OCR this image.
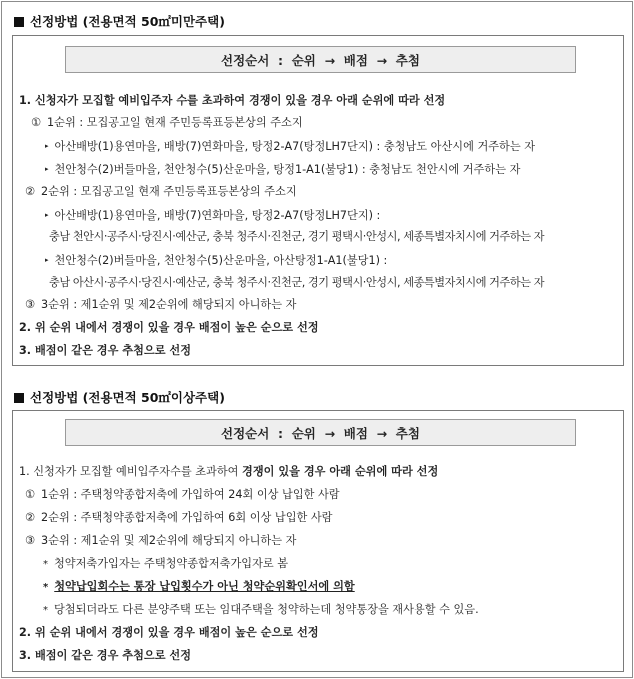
선정방법 (전용면적 50㎡미만주택)
선정순서  :  순위  →  배점  →  추첨
1. 신청자가 모집할 예비입주자 수를 초과하여 경쟁이 있을 경우 아래 순위에 따라 선정
① 1순위 : 모집공고일 현재 주민등록표등본상의 주소지
▸ 아산배방(1)용연마을, 배방(7)연화마을, 탕정2-A7(탕정LH7단지) : 충청남도 아산시에 거주하는 자
▸ 천안청수(2)버들마을, 천안청수(5)산운마을, 탕정1-A1(불당1) : 충청남도 천안시에 거주하는 자
② 2순위 : 모집공고일 현재 주민등록표등본상의 주소지
▸ 아산배방(1)용연마을, 배방(7)연화마을, 탕정2-A7(탕정LH7단지) :
충남 천안시·공주시·당진시·예산군, 충북 청주시·진천군, 경기 평택시·안성시, 세종특별자치시에 거주하는 자
▸ 천안청수(2)버들마을, 천안청수(5)산운마을, 아산탕정1-A1(불당1) :
충남 아산시·공주시·당진시·예산군, 충북 청주시·진천군, 경기 평택시·안성시, 세종특별자치시에 거주하는 자
③ 3순위 : 제1순위 및 제2순위에 해당되지 아니하는 자
2. 위 순위 내에서 경쟁이 있을 경우 배점이 높은 순으로 선정
3. 배점이 같은 경우 추첨으로 선정
선정방법 (전용면적 50㎡이상주택)
선정순서  :  순위  →  배점  →  추첨
1. 신청자가 모집할 예비입주자수를 초과하여 경쟁이 있을 경우 아래 순위에 따라 선정
① 1순위 : 주택청약종합저축에 가입하여 24회 이상 납입한 사람
② 2순위 : 주택청약종합저축에 가입하여 6회 이상 납입한 사람
③ 3순위 : 제1순위 및 제2순위에 해당되지 아니하는 자
* 청약저축가입자는 주택청약종합저축가입자로 봄
* 청약납입회수는 통장 납입횟수가 아닌 청약순위확인서에 의함
* 당첨되더라도 다른 분양주택 또는 임대주택을 청약하는데 청약통장을 재사용할 수 있음.
2. 위 순위 내에서 경쟁이 있을 경우 배점이 높은 순으로 선정
3. 배점이 같은 경우 추첨으로 선정
